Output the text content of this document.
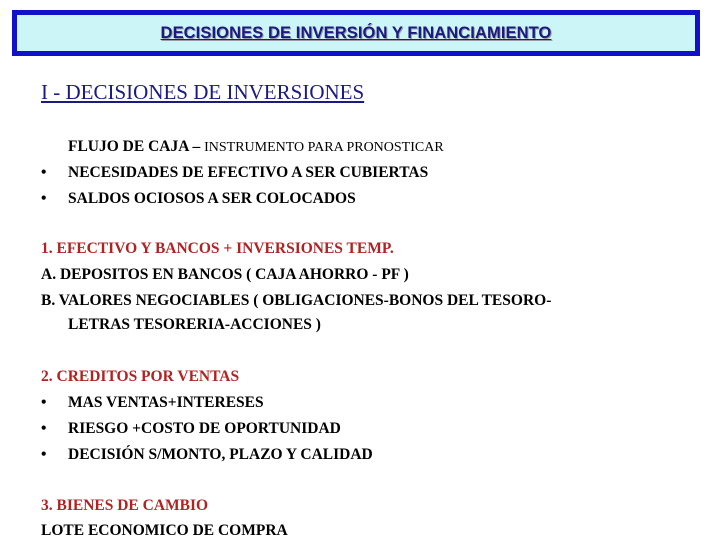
DECISIONES DE INVERSIÓN Y FINANCIAMIENTO
I - DECISIONES DE INVERSIONES
FLUJO DE CAJA – INSTRUMENTO PARA PRONOSTICAR
• NECESIDADES DE EFECTIVO A SER CUBIERTAS
• SALDOS OCIOSOS A SER COLOCADOS
1. EFECTIVO Y BANCOS + INVERSIONES TEMP.
A. DEPOSITOS EN BANCOS ( CAJA AHORRO - PF )
B. VALORES NEGOCIABLES ( OBLIGACIONES-BONOS DEL TESORO-
LETRAS TESORERIA-ACCIONES )
2. CREDITOS POR VENTAS
• MAS VENTAS+INTERESES
• RIESGO +COSTO DE OPORTUNIDAD
• DECISIÓN S/MONTO, PLAZO Y CALIDAD
3. BIENES DE CAMBIO
LOTE ECONOMICO DE COMPRA
